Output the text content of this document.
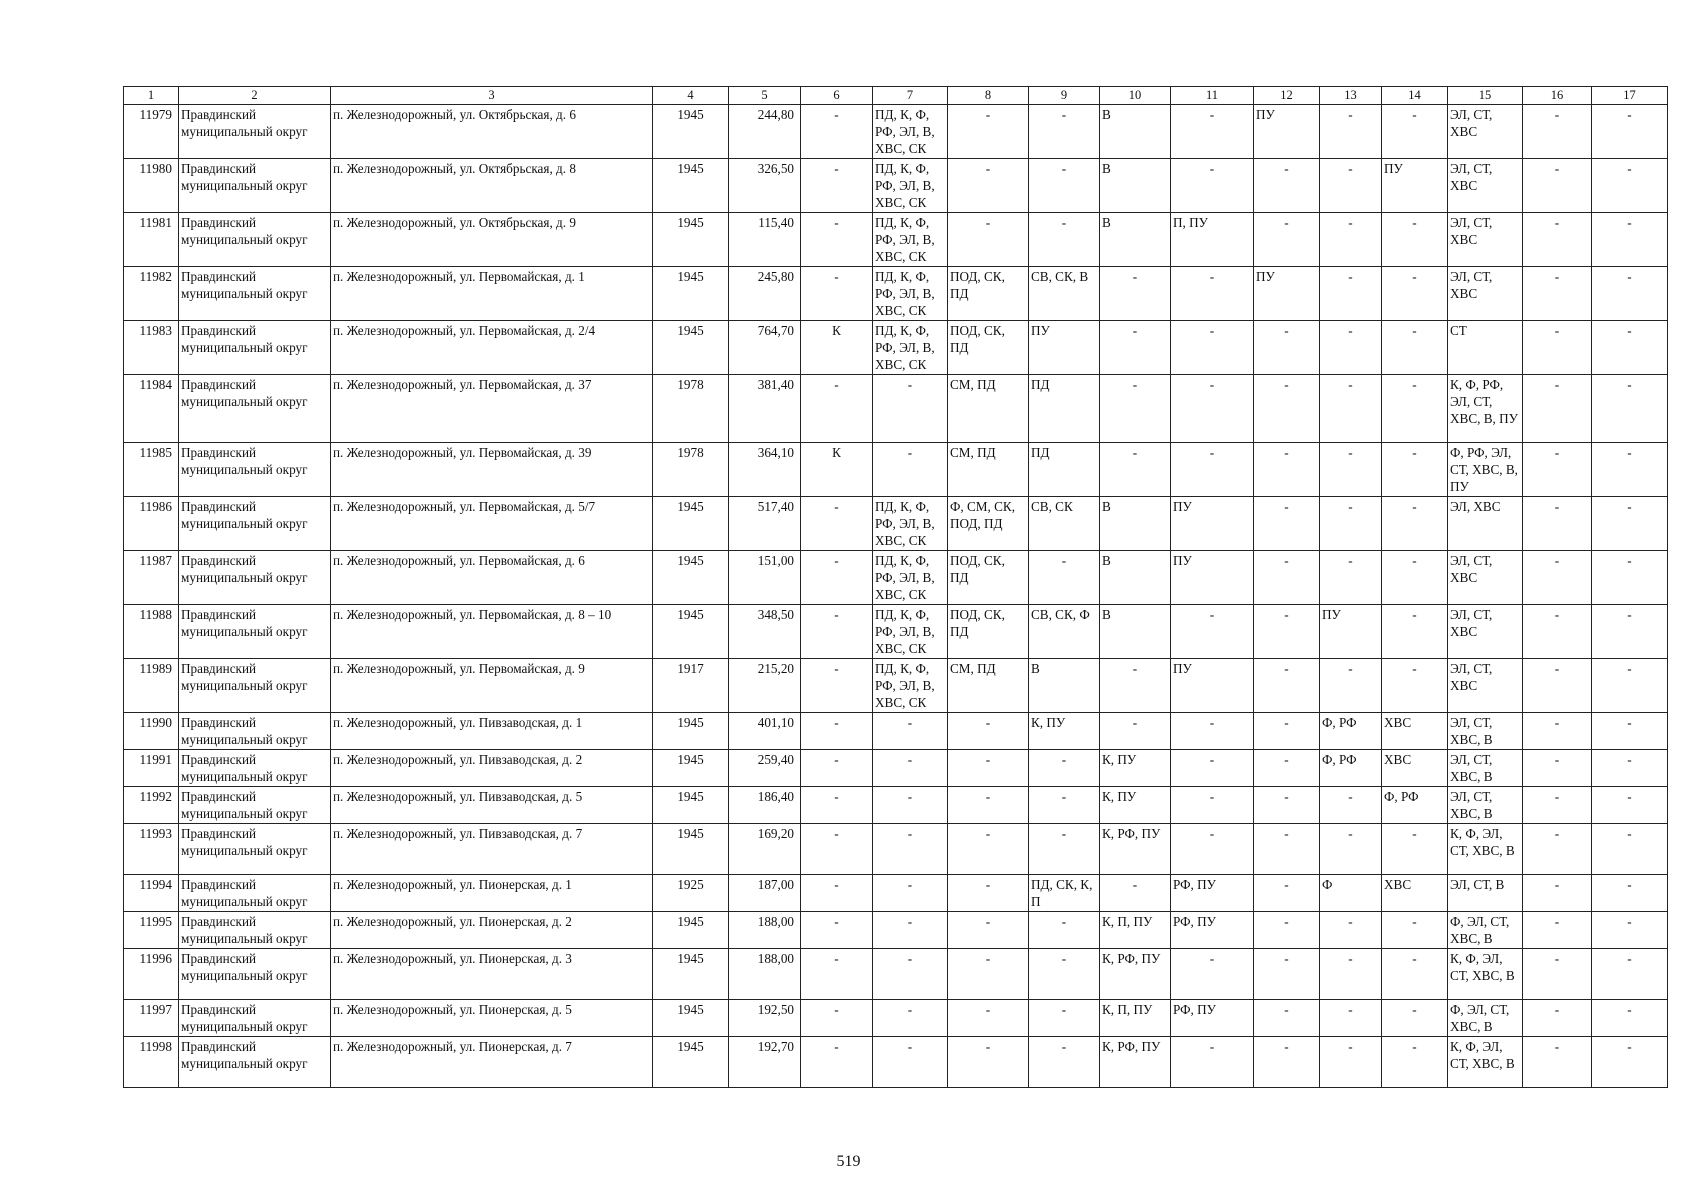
1	2	3	4	5	6	7	8	9	10	11	12	13	14	15	16	17
11979	Правдинский муниципальный округ	п. Железнодорожный, ул. Октябрьская, д. 6	1945	244,80	-	ПД, К, Ф, РФ, ЭЛ, В, ХВС, СК	-	-	В	-	ПУ	-	-	ЭЛ, СТ, ХВС	-	-
11980	Правдинский муниципальный округ	п. Железнодорожный, ул. Октябрьская, д. 8	1945	326,50	-	ПД, К, Ф, РФ, ЭЛ, В, ХВС, СК	-	-	В	-	-	-	ПУ	ЭЛ, СТ, ХВС	-	-
11981	Правдинский муниципальный округ	п. Железнодорожный, ул. Октябрьская, д. 9	1945	115,40	-	ПД, К, Ф, РФ, ЭЛ, В, ХВС, СК	-	-	В	П, ПУ	-	-	-	ЭЛ, СТ, ХВС	-	-
11982	Правдинский муниципальный округ	п. Железнодорожный, ул. Первомайская, д. 1	1945	245,80	-	ПД, К, Ф, РФ, ЭЛ, В, ХВС, СК	ПОД, СК, ПД	СВ, СК, В	-	-	ПУ	-	-	ЭЛ, СТ, ХВС	-	-
11983	Правдинский муниципальный округ	п. Железнодорожный, ул. Первомайская, д. 2/4	1945	764,70	К	ПД, К, Ф, РФ, ЭЛ, В, ХВС, СК	ПОД, СК, ПД	ПУ	-	-	-	-	-	СТ	-	-
11984	Правдинский муниципальный округ	п. Железнодорожный, ул. Первомайская, д. 37	1978	381,40	-	-	СМ, ПД	ПД	-	-	-	-	-	К, Ф, РФ, ЭЛ, СТ, ХВС, В, ПУ	-	-
11985	Правдинский муниципальный округ	п. Железнодорожный, ул. Первомайская, д. 39	1978	364,10	К	-	СМ, ПД	ПД	-	-	-	-	-	Ф, РФ, ЭЛ, СТ, ХВС, В, ПУ	-	-
11986	Правдинский муниципальный округ	п. Железнодорожный, ул. Первомайская, д. 5/7	1945	517,40	-	ПД, К, Ф, РФ, ЭЛ, В, ХВС, СК	Ф, СМ, СК, ПОД, ПД	СВ, СК	В	ПУ	-	-	-	ЭЛ, ХВС	-	-
11987	Правдинский муниципальный округ	п. Железнодорожный, ул. Первомайская, д. 6	1945	151,00	-	ПД, К, Ф, РФ, ЭЛ, В, ХВС, СК	ПОД, СК, ПД	-	В	ПУ	-	-	-	ЭЛ, СТ, ХВС	-	-
11988	Правдинский муниципальный округ	п. Железнодорожный, ул. Первомайская, д. 8 – 10	1945	348,50	-	ПД, К, Ф, РФ, ЭЛ, В, ХВС, СК	ПОД, СК, ПД	СВ, СК, Ф	В	-	-	ПУ	-	ЭЛ, СТ, ХВС	-	-
11989	Правдинский муниципальный округ	п. Железнодорожный, ул. Первомайская, д. 9	1917	215,20	-	ПД, К, Ф, РФ, ЭЛ, В, ХВС, СК	СМ, ПД	В	-	ПУ	-	-	-	ЭЛ, СТ, ХВС	-	-
11990	Правдинский муниципальный округ	п. Железнодорожный, ул. Пивзаводская, д. 1	1945	401,10	-	-	-	К, ПУ	-	-	-	Ф, РФ	ХВС	ЭЛ, СТ, ХВС, В	-	-
11991	Правдинский муниципальный округ	п. Железнодорожный, ул. Пивзаводская, д. 2	1945	259,40	-	-	-	-	К, ПУ	-	-	Ф, РФ	ХВС	ЭЛ, СТ, ХВС, В	-	-
11992	Правдинский муниципальный округ	п. Железнодорожный, ул. Пивзаводская, д. 5	1945	186,40	-	-	-	-	К, ПУ	-	-	-	Ф, РФ	ЭЛ, СТ, ХВС, В	-	-
11993	Правдинский муниципальный округ	п. Железнодорожный, ул. Пивзаводская, д. 7	1945	169,20	-	-	-	-	К, РФ, ПУ	-	-	-	-	К, Ф, ЭЛ, СТ, ХВС, В	-	-
11994	Правдинский муниципальный округ	п. Железнодорожный, ул. Пионерская, д. 1	1925	187,00	-	-	-	ПД, СК, К, П	-	РФ, ПУ	-	Ф	ХВС	ЭЛ, СТ, В	-	-
11995	Правдинский муниципальный округ	п. Железнодорожный, ул. Пионерская, д. 2	1945	188,00	-	-	-	-	К, П, ПУ	РФ, ПУ	-	-	-	Ф, ЭЛ, СТ, ХВС, В	-	-
11996	Правдинский муниципальный округ	п. Железнодорожный, ул. Пионерская, д. 3	1945	188,00	-	-	-	-	К, РФ, ПУ	-	-	-	-	К, Ф, ЭЛ, СТ, ХВС, В	-	-
11997	Правдинский муниципальный округ	п. Железнодорожный, ул. Пионерская, д. 5	1945	192,50	-	-	-	-	К, П, ПУ	РФ, ПУ	-	-	-	Ф, ЭЛ, СТ, ХВС, В	-	-
11998	Правдинский муниципальный округ	п. Железнодорожный, ул. Пионерская, д. 7	1945	192,70	-	-	-	-	К, РФ, ПУ	-	-	-	-	К, Ф, ЭЛ, СТ, ХВС, В	-	-
519
